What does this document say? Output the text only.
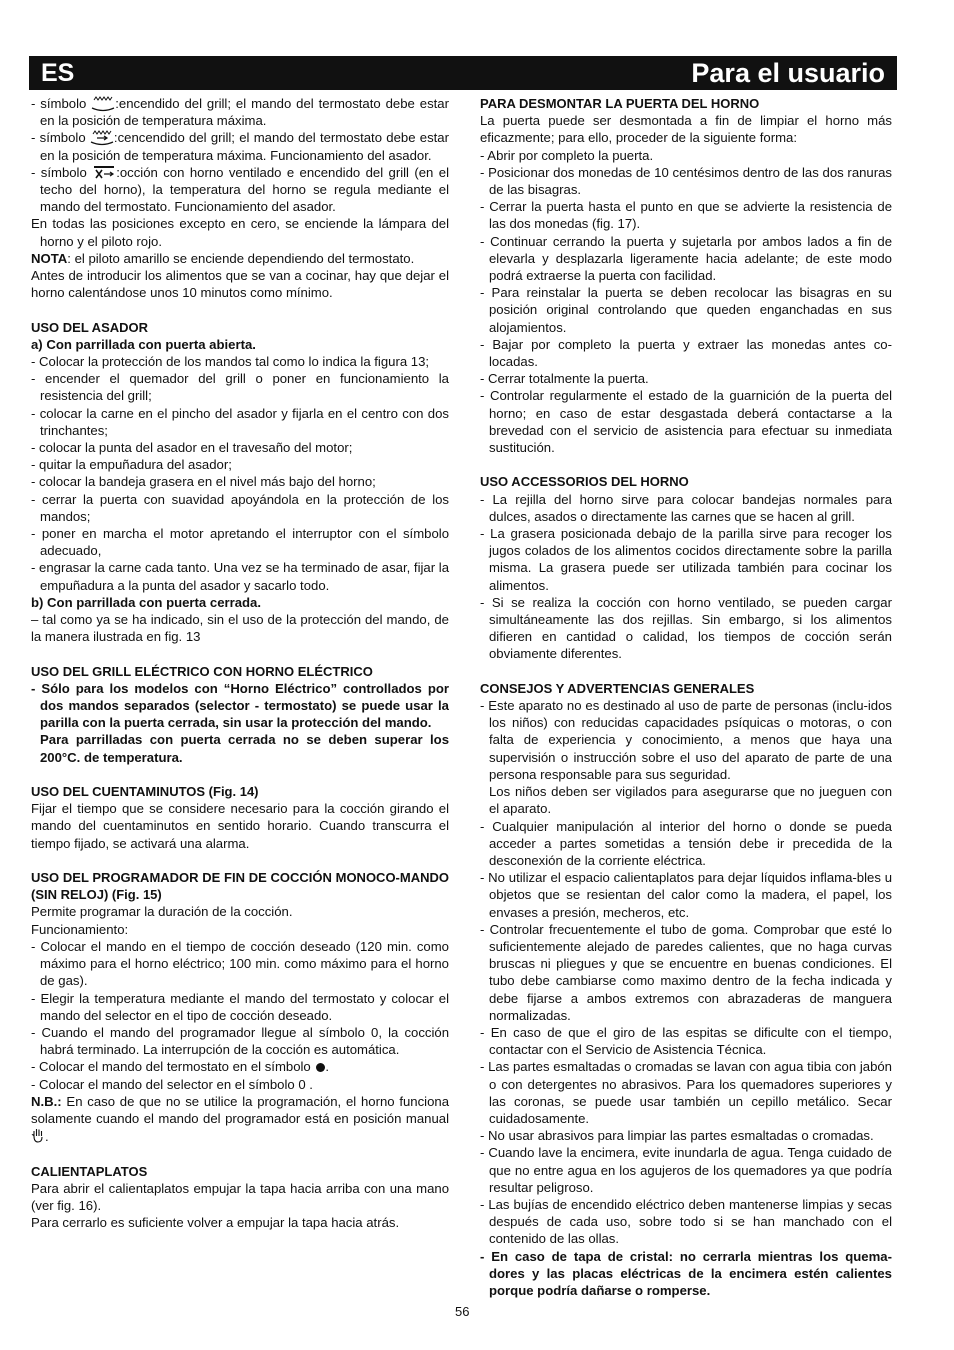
ES	Para el usuario

- símbolo
:encendido del grill; el mando del termostato debe estar en la posición de temperatura máxima.

- símbolo
:cencendido del grill; el mando del termostato debe estar en la posición de temperatura máxima. Funcionamiento del asador.

- símbolo
:occión con horno ventilado e encendido del grill (en el techo del horno), la temperatura del horno se regula mediante el mando del termostato. Funcionamiento del asador.

En todas las posiciones excepto en cero, se enciende la lámpara del horno y el piloto rojo.

NOTA: el piloto amarillo se enciende dependiendo del termostato.

Antes de introducir los alimentos que se van a cocinar, hay que dejar el horno calentándose unos 10 minutos como mínimo.

USO DEL ASADOR

a) Con parrillada con puerta abierta.

- Colocar la protección de los mandos tal como lo indica la figura 13;

- encender el quemador del grill o poner en funcionamiento la resistencia del grill;

- colocar la carne en el pincho del asador y fijarla en el centro con dos trinchantes;

- colocar la punta del asador en el travesaño del motor;

- quitar la empuñadura del asador;

- colocar la bandeja grasera en el nivel más bajo del horno;

- cerrar la puerta con suavidad apoyándola en la protección de los mandos;

- poner en marcha el motor apretando el interruptor con el símbolo adecuado,

- engrasar la carne cada tanto. Una vez se ha terminado de asar, fijar la empuñadura a la punta del asador y sacarlo todo.

b) Con parrillada con puerta cerrada.

– tal como ya se ha indicado, sin el uso de la protección del mando, de la manera ilustrada en fig. 13

USO DEL GRILL ELÉCTRICO CON HORNO ELÉCTRICO

- Sólo para los modelos con “Horno Eléctrico” controllados por dos mandos separados (selector - termostato) se puede usar la parilla con la puerta cerrada, sin usar la protección del mando.

Para parrilladas con puerta cerrada no se deben superar los 200°C. de temperatura.

USO DEL CUENTAMINUTOS (Fig. 14)

Fijar el tiempo que se considere necesario para la cocción girando el mando del cuentaminutos en sentido horario. Cuando transcurra el tiempo fijado, se activará una alarma.

USO DEL PROGRAMADOR DE FIN DE COCCIÓN MONOCO-MANDO (SIN RELOJ) (Fig. 15)

Permite programar la duración de la cocción.

Funcionamiento:

- Colocar el mando en el tiempo de cocción deseado (120 min. como máximo para el horno eléctrico; 100 min. como máximo para el horno de gas).

- Elegir la temperatura mediante el mando del termostato y colocar el mando del selector en el tipo de cocción deseado.

- Cuando el mando del programador llegue al símbolo 0, la cocción habrá terminado. La interrupción de la cocción es automática.

- Colocar el mando del termostato en el símbolo .

- Colocar el mando del selector en el símbolo 0 .

N.B.: En caso de que no se utilice la programación, el horno funciona solamente cuando el mando del programador está en posición manual .

CALIENTAPLATOS

Para abrir el calientaplatos empujar la tapa hacia arriba con una mano (ver fig. 16).

Para cerrarlo es suficiente volver a empujar la tapa hacia atrás.

PARA DESMONTAR LA PUERTA DEL HORNO

La puerta puede ser desmontada a fin de limpiar el horno más eficazmente; para ello, proceder de la siguiente forma:

- Abrir por completo la puerta.

- Posicionar dos monedas de 10 centésimos dentro de las dos ranuras de las bisagras.

- Cerrar la puerta hasta el punto en que se advierte la resistencia de las dos monedas (fig. 17).

- Continuar cerrando la puerta y sujetarla por ambos lados a fin de elevarla y desplazarla ligeramente hacia adelante; de este modo podrá extraerse la puerta con facilidad.

- Para reinstalar la puerta se deben recolocar las bisagras en su posición original controlando que queden enganchadas en sus alojamientos.

- Bajar por completo la puerta y extraer las monedas antes co-locadas.

- Cerrar totalmente la puerta.

- Controlar regularmente el estado de la guarnición de la puerta del horno; en caso de estar desgastada deberá contactarse a la brevedad con el servicio de asistencia para efectuar su inmediata sustitución.

USO ACCESSORIOS DEL HORNO

- La rejilla del horno sirve para colocar bandejas normales para dulces, asados o directamente las carnes que se hacen al grill.

- La grasera posicionada debajo de la parilla sirve para recoger los jugos colados de los alimentos cocidos directamente sobre la parilla misma. La grasera puede ser utilizada también para cocinar los alimentos.

- Si se realiza la cocción con horno ventilado, se pueden cargar simultáneamente las dos rejillas. Sin embargo, si los alimentos difieren en cantidad o calidad, los tiempos de cocción serán obviamente diferentes.

CONSEJOS Y ADVERTENCIAS GENERALES

- Este aparato no es destinado al uso de parte de personas (inclu-idos los niños) con reducidas capacidades psíquicas o motoras, o con falta de experiencia y conocimiento, a menos que haya una supervisión o instrucción sobre el uso del aparato de parte de una persona responsable para sus seguridad.

Los niños deben ser vigilados para asegurarse que no jueguen con el aparato.

- Cualquier manipulación al interior del horno o donde se pueda acceder a partes sometidas a tensión debe ir precedida de la desconexión de la corriente eléctrica.

- No utilizar el espacio calientaplatos para dejar líquidos inflama-bles u objetos que se resientan del calor como la madera, el papel, los envases a presión, mecheros, etc.

- Controlar frecuentemente el tubo de goma. Comprobar que esté lo suficientemente alejado de paredes calientes, que no haga curvas bruscas ni pliegues y que se encuentre en buenas condiciones. El tubo debe cambiarse como maximo dentro de la fecha indicada y debe fijarse a ambos extremos con abrazaderas de manguera normalizadas.

- En caso de que el giro de las espitas se dificulte con el tiempo, contactar con el Servicio de Asistencia Técnica.

- Las partes esmaltadas o cromadas se lavan con agua tibia con jabón o con detergentes no abrasivos. Para los quemadores superiores y las coronas, se puede usar también un cepillo metálico. Secar cuidadosamente.

- No usar abrasivos para limpiar las partes esmaltadas o cromadas.

- Cuando lave la encimera, evite inundarla de agua. Tenga cuidado de que no entre agua en los agujeros de los quemadores ya que podría resultar peligroso.

- Las bujías de encendido eléctrico deben mantenerse limpias y secas después de cada uso, sobre todo si se han manchado con el contenido de las ollas.

- En caso de tapa de cristal: no cerrarla mientras los quema-dores y las placas eléctricas de la encimera estén calientes porque podría dañarse o romperse.

56
